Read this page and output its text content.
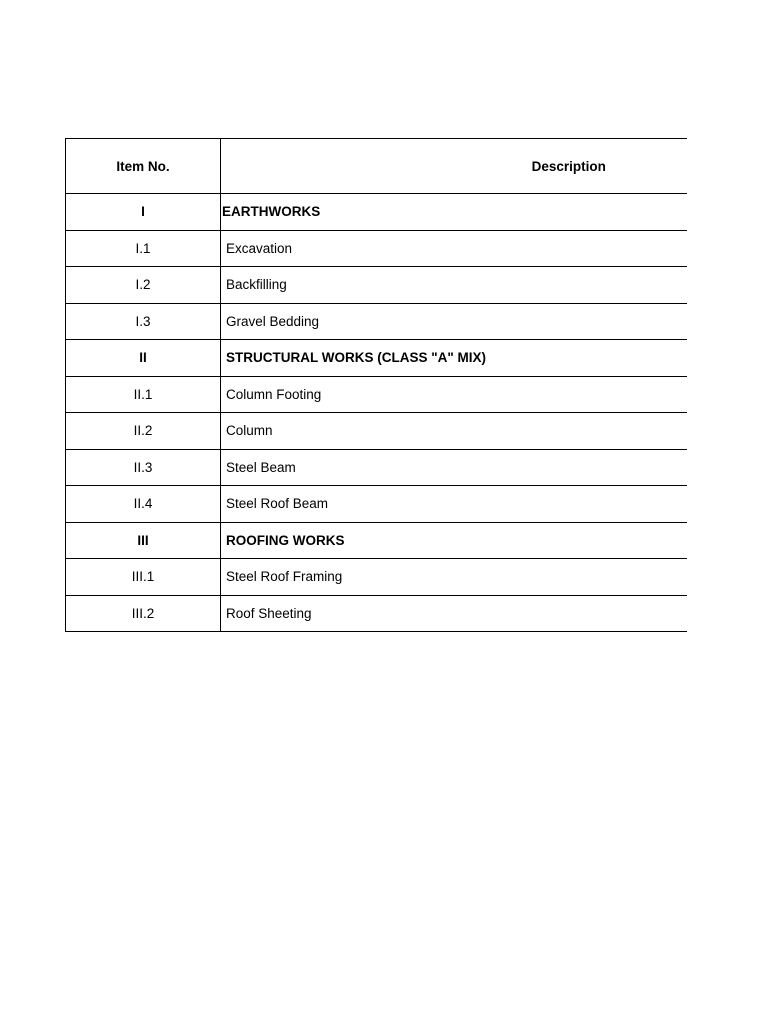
Item No.	Description
I	EARTHWORKS
I.1	Excavation
I.2	Backfilling
I.3	Gravel Bedding
II	STRUCTURAL WORKS (CLASS "A" MIX)
II.1	Column Footing
II.2	Column
II.3	Steel Beam
II.4	Steel Roof Beam
III	ROOFING WORKS
III.1	Steel Roof Framing
III.2	Roof Sheeting
